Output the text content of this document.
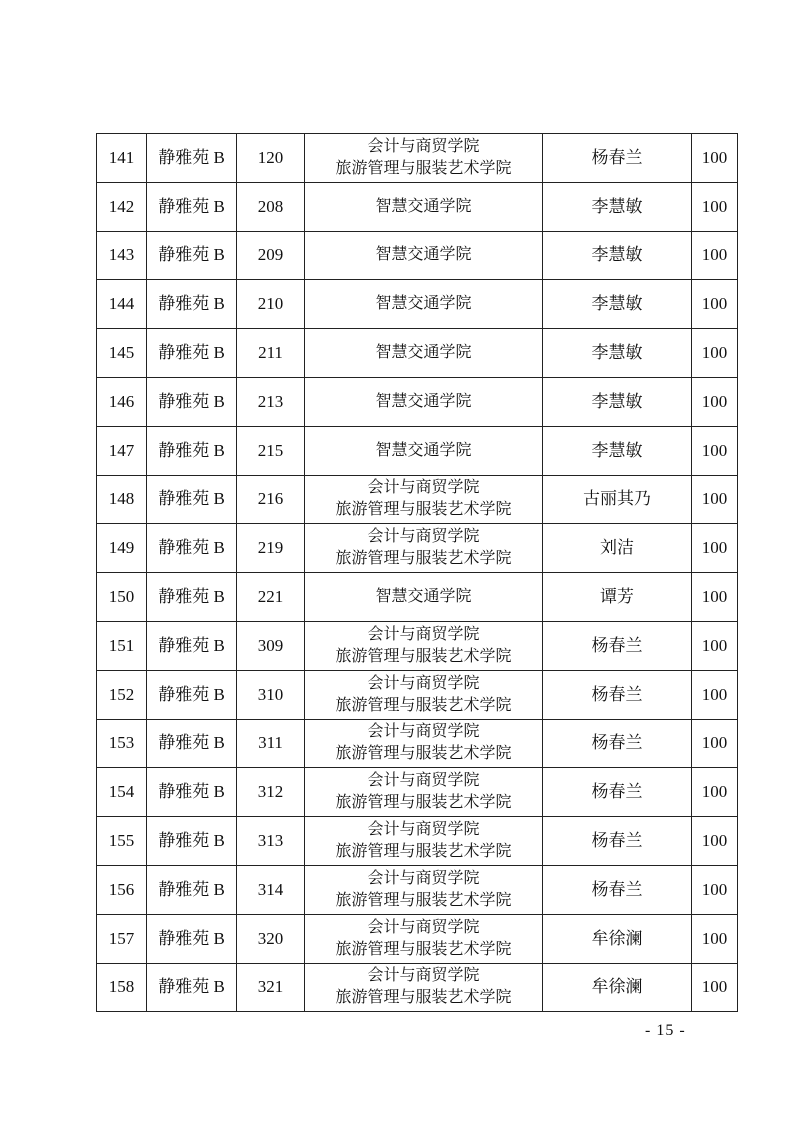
141	静雅苑 B	120	会计与商贸学院
旅游管理与服装艺术学院	杨春兰	100
142	静雅苑 B	208	智慧交通学院	李慧敏	100
143	静雅苑 B	209	智慧交通学院	李慧敏	100
144	静雅苑 B	210	智慧交通学院	李慧敏	100
145	静雅苑 B	211	智慧交通学院	李慧敏	100
146	静雅苑 B	213	智慧交通学院	李慧敏	100
147	静雅苑 B	215	智慧交通学院	李慧敏	100
148	静雅苑 B	216	会计与商贸学院
旅游管理与服装艺术学院	古丽其乃	100
149	静雅苑 B	219	会计与商贸学院
旅游管理与服装艺术学院	刘洁	100
150	静雅苑 B	221	智慧交通学院	谭芳	100
151	静雅苑 B	309	会计与商贸学院
旅游管理与服装艺术学院	杨春兰	100
152	静雅苑 B	310	会计与商贸学院
旅游管理与服装艺术学院	杨春兰	100
153	静雅苑 B	311	会计与商贸学院
旅游管理与服装艺术学院	杨春兰	100
154	静雅苑 B	312	会计与商贸学院
旅游管理与服装艺术学院	杨春兰	100
155	静雅苑 B	313	会计与商贸学院
旅游管理与服装艺术学院	杨春兰	100
156	静雅苑 B	314	会计与商贸学院
旅游管理与服装艺术学院	杨春兰	100
157	静雅苑 B	320	会计与商贸学院
旅游管理与服装艺术学院	牟徐澜	100
158	静雅苑 B	321	会计与商贸学院
旅游管理与服装艺术学院	牟徐澜	100
- 15 -
